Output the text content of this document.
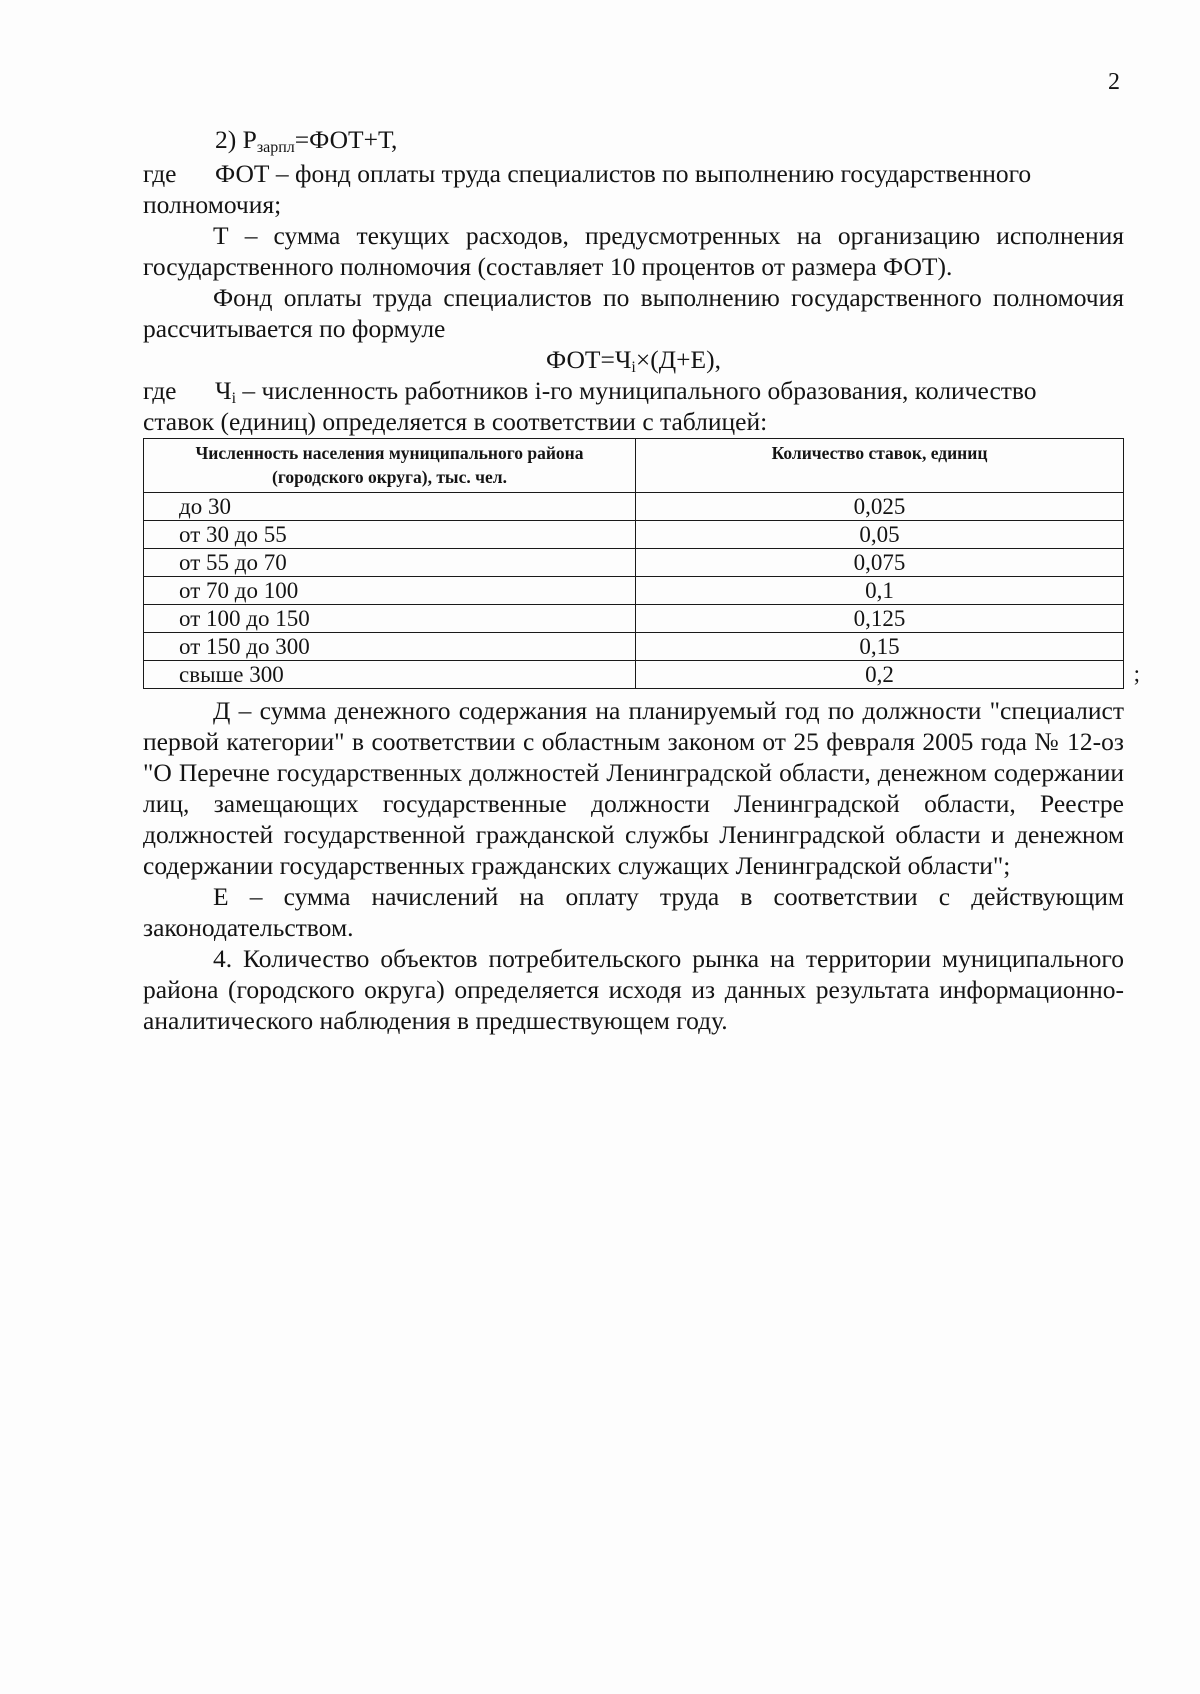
2

2) $Р_{зарпл}=ФОТ+Т$,

где	ФОТ – фонд оплаты труда специалистов по выполнению государственного

полномочия;

Т – сумма текущих расходов, предусмотренных на организацию исполнения государственного полномочия (составляет 10 процентов от размера ФОТ).

Фонд оплаты труда специалистов по выполнению государственного полномочия рассчитывается по формуле

$ФОТ=Ч_i\times(Д+Е)$,

где	$Ч_i$ – численность работников i-го муниципального образования, количество

ставок (единиц) определяется в соответствии с таблицей:

Численность населения муниципального района (городского округа), тыс. чел.	Количество ставок, единиц
до 30	0,025
от 30 до 55	0,05
от 55 до 70	0,075
от 70 до 100	0,1
от 100 до 150	0,125
от 150 до 300	0,15
свыше 300	0,2	;

Д – сумма денежного содержания на планируемый год по должности "специалист первой категории" в соответствии с областным законом от 25 февраля 2005 года № 12-оз "О Перечне государственных должностей Ленинградской области, денежном содержании лиц, замещающих государственные должности Ленинградской области, Реестре должностей государственной гражданской службы Ленинградской области и денежном содержании государственных гражданских служащих Ленинградской области";

Е – сумма начислений на оплату труда в соответствии с действующим законодательством.

4. Количество объектов потребительского рынка на территории муниципального района (городского округа) определяется исходя из данных результата информационно-аналитического наблюдения в предшествующем году.
